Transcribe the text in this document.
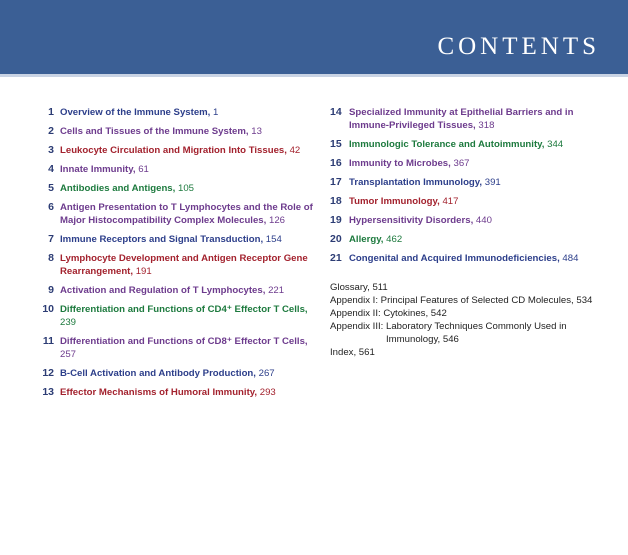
CONTENTS
1 Overview of the Immune System, 1
2 Cells and Tissues of the Immune System, 13
3 Leukocyte Circulation and Migration Into Tissues, 42
4 Innate Immunity, 61
5 Antibodies and Antigens, 105
6 Antigen Presentation to T Lymphocytes and the Role of Major Histocompatibility Complex Molecules, 126
7 Immune Receptors and Signal Transduction, 154
8 Lymphocyte Development and Antigen Receptor Gene Rearrangement, 191
9 Activation and Regulation of T Lymphocytes, 221
10 Differentiation and Functions of CD4⁺ Effector T Cells, 239
11 Differentiation and Functions of CD8⁺ Effector T Cells, 257
12 B-Cell Activation and Antibody Production, 267
13 Effector Mechanisms of Humoral Immunity, 293
14 Specialized Immunity at Epithelial Barriers and in Immune-Privileged Tissues, 318
15 Immunologic Tolerance and Autoimmunity, 344
16 Immunity to Microbes, 367
17 Transplantation Immunology, 391
18 Tumor Immunology, 417
19 Hypersensitivity Disorders, 440
20 Allergy, 462
21 Congenital and Acquired Immunodeficiencies, 484
Glossary, 511
Appendix I: Principal Features of Selected CD Molecules, 534
Appendix II: Cytokines, 542
Appendix III: Laboratory Techniques Commonly Used in
Immunology, 546
Index, 561
